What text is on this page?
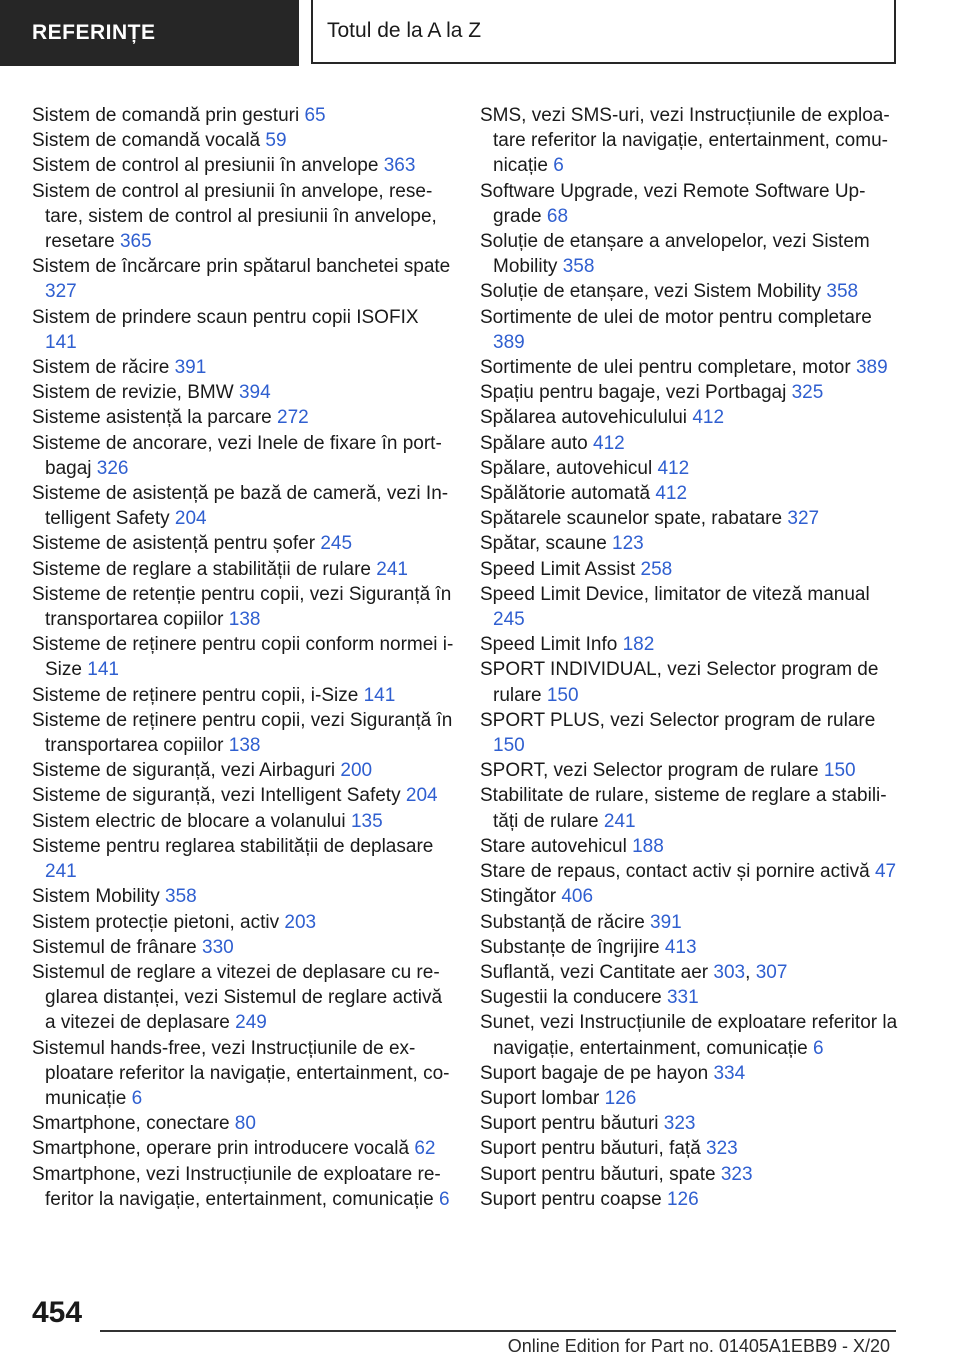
REFERINȚE	Totul de la A la Z
Sistem de comandă prin gesturi 65
Sistem de comandă vocală 59
Sistem de control al presiunii în anvelope 363
Sistem de control al presiunii în anvelope, resetare, sistem de control al presiunii în anvelope, resetare 365
Sistem de încărcare prin spătarul banchetei spate 327
Sistem de prindere scaun pentru copii ISOFIX 141
Sistem de răcire 391
Sistem de revizie, BMW 394
Sisteme asistență la parcare 272
Sisteme de ancorare, vezi Inele de fixare în portbagaj 326
Sisteme de asistență pe bază de cameră, vezi Intelligent Safety 204
Sisteme de asistență pentru șofer 245
Sisteme de reglare a stabilității de rulare 241
Sisteme de retenție pentru copii, vezi Siguranță în transportarea copiilor 138
Sisteme de reținere pentru copii conform normei i-Size 141
Sisteme de reținere pentru copii, i-Size 141
Sisteme de reținere pentru copii, vezi Siguranță în transportarea copiilor 138
Sisteme de siguranță, vezi Airbaguri 200
Sisteme de siguranță, vezi Intelligent Safety 204
Sistem electric de blocare a volanului 135
Sisteme pentru reglarea stabilității de deplasare 241
Sistem Mobility 358
Sistem protecție pietoni, activ 203
Sistemul de frânare 330
Sistemul de reglare a vitezei de deplasare cu reglarea distanței, vezi Sistemul de reglare activă a vitezei de deplasare 249
Sistemul hands-free, vezi Instrucțiunile de exploatare referitor la navigație, entertainment, comunicație 6
Smartphone, conectare 80
Smartphone, operare prin introducere vocală 62
Smartphone, vezi Instrucțiunile de exploatare referitor la navigație, entertainment, comunicație 6
SMS, vezi SMS-uri, vezi Instrucțiunile de exploatare referitor la navigație, entertainment, comunicație 6
Software Upgrade, vezi Remote Software Upgrade 68
Soluție de etanșare a anvelopelor, vezi Sistem Mobility 358
Soluție de etanșare, vezi Sistem Mobility 358
Sortimente de ulei de motor pentru completare 389
Sortimente de ulei pentru completare, motor 389
Spațiu pentru bagaje, vezi Portbagaj 325
Spălarea autovehiculului 412
Spălare auto 412
Spălare, autovehicul 412
Spălătorie automată 412
Spătarele scaunelor spate, rabatare 327
Spătar, scaune 123
Speed Limit Assist 258
Speed Limit Device, limitator de viteză manual 245
Speed Limit Info 182
SPORT INDIVIDUAL, vezi Selector program de rulare 150
SPORT PLUS, vezi Selector program de rulare 150
SPORT, vezi Selector program de rulare 150
Stabilitate de rulare, sisteme de reglare a stabilități de rulare 241
Stare autovehicul 188
Stare de repaus, contact activ și pornire activă 47
Stingător 406
Substanță de răcire 391
Substanțe de îngrijire 413
Suflantă, vezi Cantitate aer 303, 307
Sugestii la conducere 331
Sunet, vezi Instrucțiunile de exploatare referitor la navigație, entertainment, comunicație 6
Suport bagaje de pe hayon 334
Suport lombar 126
Suport pentru băuturi 323
Suport pentru băuturi, față 323
Suport pentru băuturi, spate 323
Suport pentru coapse 126
454
Online Edition for Part no. 01405A1EBB9 - X/20
